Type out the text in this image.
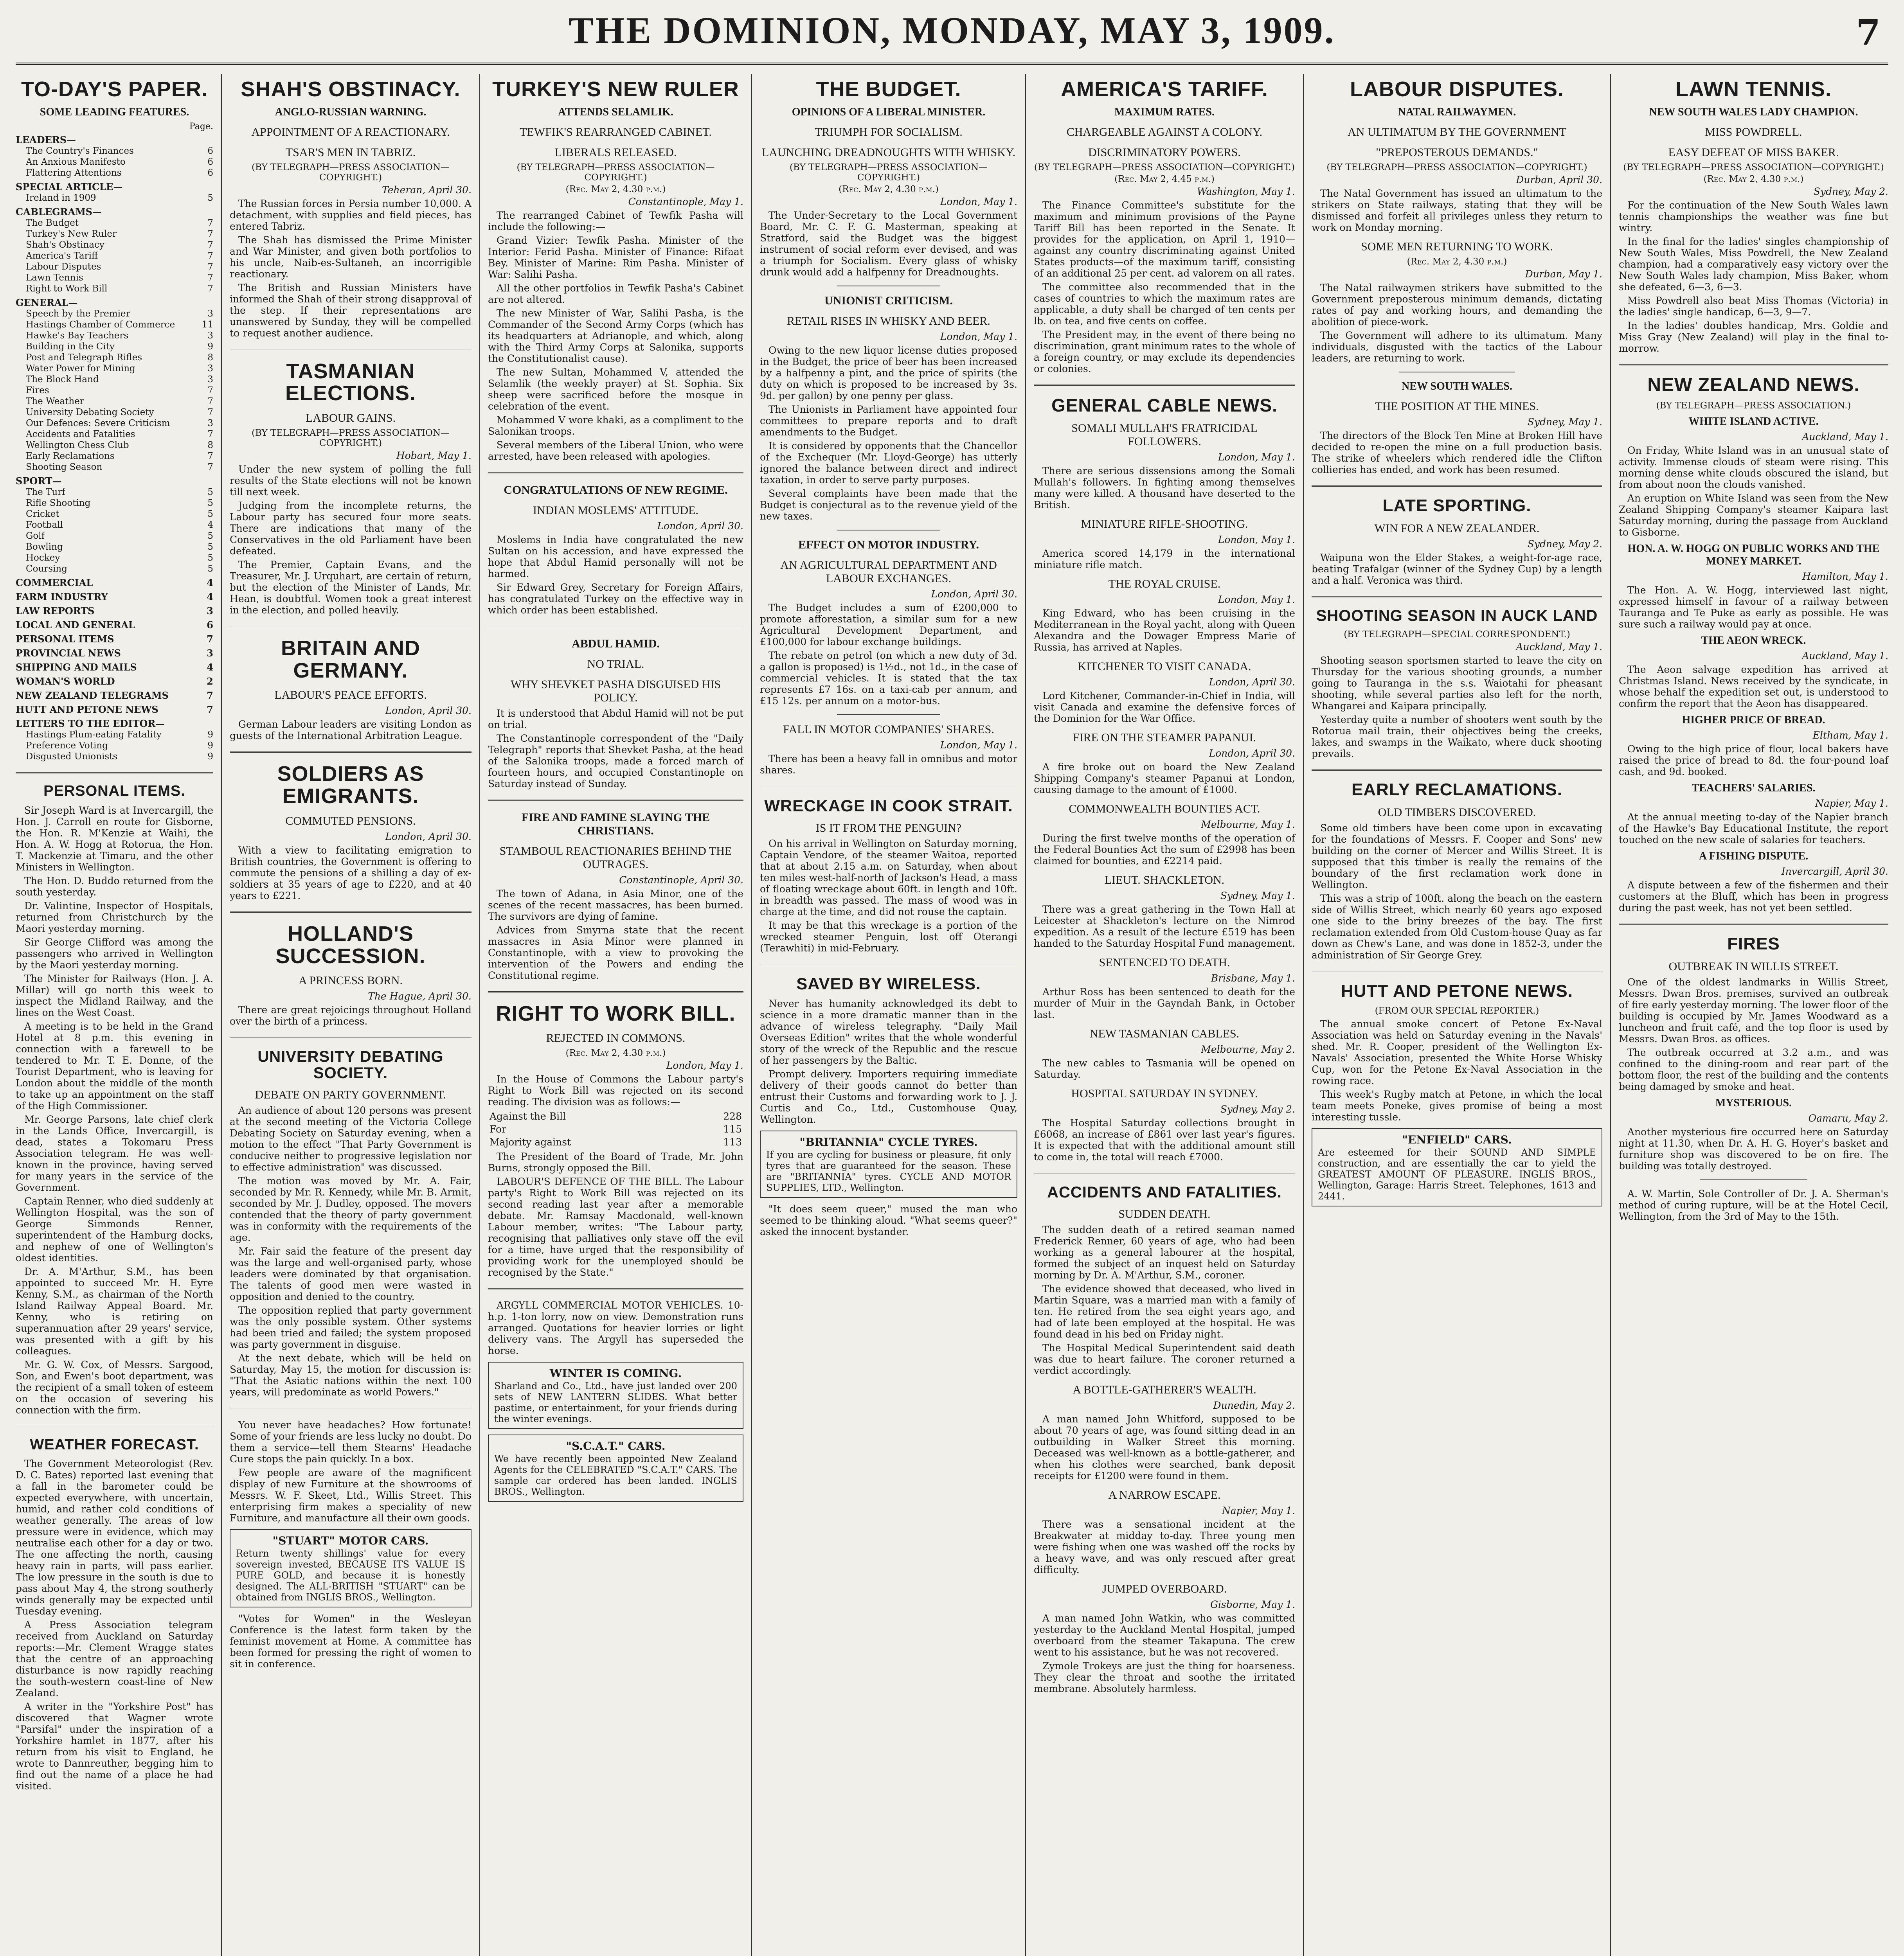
THE DOMINION, MONDAY, MAY 3, 1909.	7
TO-DAY'S PAPER.
SOME LEADING FEATURES.
Page.
LEADERS—
The Country's Finances	6
An Anxious Manifesto	6
Flattering Attentions	6
SPECIAL ARTICLE—
Ireland in 1909	5
CABLEGRAMS—
The Budget	7
Turkey's New Ruler	7
Shah's Obstinacy	7
America's Tariff	7
Labour Disputes	7
Lawn Tennis	7
Right to Work Bill	7
GENERAL—
Speech by the Premier	3
Hastings Chamber of Commerce	11
Hawke's Bay Teachers	3
Building in the City	9
Post and Telegraph Rifles	8
Water Power for Mining	3
The Block Hand	3
Fires	7
The Weather	7
University Debating Society	7
Our Defences: Severe Criticism	3
Accidents and Fatalities	7
Wellington Chess Club	8
Early Reclamations	7
Shooting Season	7
SPORT—
The Turf	5
Rifle Shooting	5
Cricket	5
Football	4
Golf	5
Bowling	5
Hockey	5
Coursing	5
COMMERCIAL	4
FARM INDUSTRY	4
LAW REPORTS	3
LOCAL AND GENERAL	6
PERSONAL ITEMS	7
PROVINCIAL NEWS	3
SHIPPING AND MAILS	4
WOMAN'S WORLD	2
NEW ZEALAND TELEGRAMS	7
HUTT AND PETONE NEWS	7
LETTERS TO THE EDITOR—
Hastings Plum-eating Fatality	9
Preference Voting	9
Disgusted Unionists	9
PERSONAL ITEMS.

Sir Joseph Ward is at Invercargill, the Hon. J. Carroll en route for Gisborne, the Hon. R. M'Kenzie at Waihi, the Hon. A. W. Hogg at Rotorua, the Hon. T. Mackenzie at Timaru, and the other Ministers in Wellington.

The Hon. D. Buddo returned from the south yesterday.

Dr. Valintine, Inspector of Hospitals, returned from Christchurch by the Maori yesterday morning.

Sir George Clifford was among the passengers who arrived in Wellington by the Maori yesterday morning.

The Minister for Railways (Hon. J. A. Millar) will go north this week to inspect the Midland Railway, and the lines on the West Coast.

A meeting is to be held in the Grand Hotel at 8 p.m. this evening in connection with a farewell to be tendered to Mr. T. E. Donne, of the Tourist Department, who is leaving for London about the middle of the month to take up an appointment on the staff of the High Commissioner.

Mr. George Parsons, late chief clerk in the Lands Office, Invercargill, is dead, states a Tokomaru Press Association telegram. He was well-known in the province, having served for many years in the service of the Government.

Captain Renner, who died suddenly at Wellington Hospital, was the son of George Simmonds Renner, superintendent of the Hamburg docks, and nephew of one of Wellington's oldest identities.

Dr. A. M'Arthur, S.M., has been appointed to succeed Mr. H. Eyre Kenny, S.M., as chairman of the North Island Railway Appeal Board. Mr. Kenny, who is retiring on superannuation after 29 years' service, was presented with a gift by his colleagues.

Mr. G. W. Cox, of Messrs. Sargood, Son, and Ewen's boot department, was the recipient of a small token of esteem on the occasion of severing his connection with the firm.

WEATHER FORECAST.

The Government Meteorologist (Rev. D. C. Bates) reported last evening that a fall in the barometer could be expected everywhere, with uncertain, humid, and rather cold conditions of weather generally. The areas of low pressure were in evidence, which may neutralise each other for a day or two. The one affecting the north, causing heavy rain in parts, will pass earlier. The low pressure in the south is due to pass about May 4, the strong southerly winds generally may be expected until Tuesday evening.

A Press Association telegram received from Auckland on Saturday reports:—Mr. Clement Wragge states that the centre of an approaching disturbance is now rapidly reaching the south-western coast-line of New Zealand.

A writer in the "Yorkshire Post" has discovered that Wagner wrote "Parsifal" under the inspiration of a Yorkshire hamlet in 1877, after his return from his visit to England, he wrote to Dannreuther, begging him to find out the name of a place he had visited.

SHAH'S OBSTINACY.
ANGLO-RUSSIAN WARNING.
APPOINTMENT OF A REACTIONARY.
TSAR'S MEN IN TABRIZ.
(BY TELEGRAPH—PRESS ASSOCIATION—COPYRIGHT.)
Teheran, April 30.

The Russian forces in Persia number 10,000. A detachment, with supplies and field pieces, has entered Tabriz.

The Shah has dismissed the Prime Minister and War Minister, and given both portfolios to his uncle, Naib-es-Sultaneh, an incorrigible reactionary.

The British and Russian Ministers have informed the Shah of their strong disapproval of the step. If their representations are unanswered by Sunday, they will be compelled to request another audience.

TASMANIAN ELECTIONS.
LABOUR GAINS.
(BY TELEGRAPH—PRESS ASSOCIATION—COPYRIGHT.)
Hobart, May 1.

Under the new system of polling the full results of the State elections will not be known till next week.

Judging from the incomplete returns, the Labour party has secured four more seats. There are indications that many of the Conservatives in the old Parliament have been defeated.

The Premier, Captain Evans, and the Treasurer, Mr. J. Urquhart, are certain of return, but the election of the Minister of Lands, Mr. Hean, is doubtful. Women took a great interest in the election, and polled heavily.

BRITAIN AND GERMANY.
LABOUR'S PEACE EFFORTS.
London, April 30.

German Labour leaders are visiting London as guests of the International Arbitration League.

SOLDIERS AS EMIGRANTS.
COMMUTED PENSIONS.
London, April 30.

With a view to facilitating emigration to British countries, the Government is offering to commute the pensions of a shilling a day of ex-soldiers at 35 years of age to £220, and at 40 years to £221.

HOLLAND'S SUCCESSION.
A PRINCESS BORN.
The Hague, April 30.

There are great rejoicings throughout Holland over the birth of a princess.

UNIVERSITY DEBATING SOCIETY.
DEBATE ON PARTY GOVERNMENT.

An audience of about 120 persons was present at the second meeting of the Victoria College Debating Society on Saturday evening, when a motion to the effect "That Party Government is conducive neither to progressive legislation nor to effective administration" was discussed.

The motion was moved by Mr. A. Fair, seconded by Mr. R. Kennedy, while Mr. B. Armit, seconded by Mr. J. Dudley, opposed. The movers contended that the theory of party government was in conformity with the requirements of the age.

Mr. Fair said the feature of the present day was the large and well-organised party, whose leaders were dominated by that organisation. The talents of good men were wasted in opposition and denied to the country.

The opposition replied that party government was the only possible system. Other systems had been tried and failed; the system proposed was party government in disguise.

At the next debate, which will be held on Saturday, May 15, the motion for discussion is: "That the Asiatic nations within the next 100 years, will predominate as world Powers."

You never have headaches? How fortunate! Some of your friends are less lucky no doubt. Do them a service—tell them Stearns' Headache Cure stops the pain quickly. In a box.
Few people are aware of the magnificent display of new Furniture at the showrooms of Messrs. W. F. Skeet, Ltd., Willis Street. This enterprising firm makes a speciality of new Furniture, and manufacture all their own goods.
"STUART" MOTOR CARS.
Return twenty shillings' value for every sovereign invested, BECAUSE ITS VALUE IS PURE GOLD, and because it is honestly designed. The ALL-BRITISH "STUART" can be obtained from INGLIS BROS., Wellington.
"Votes for Women" in the Wesleyan Conference is the latest form taken by the feminist movement at Home. A committee has been formed for pressing the right of women to sit in conference.
TURKEY'S NEW RULER
ATTENDS SELAMLIK.
TEWFIK'S REARRANGED CABINET.
LIBERALS RELEASED.
(BY TELEGRAPH—PRESS ASSOCIATION—COPYRIGHT.)
(Rec. May 2, 4.30 p.m.)
Constantinople, May 1.

The rearranged Cabinet of Tewfik Pasha will include the following:—

Grand Vizier: Tewfik Pasha. Minister of the Interior: Ferid Pasha. Minister of Finance: Rifaat Bey. Minister of Marine: Rim Pasha. Minister of War: Salihi Pasha.

All the other portfolios in Tewfik Pasha's Cabinet are not altered.

The new Minister of War, Salihi Pasha, is the Commander of the Second Army Corps (which has its headquarters at Adrianople, and which, along with the Third Army Corps at Salonika, supports the Constitutionalist cause).

The new Sultan, Mohammed V, attended the Selamlik (the weekly prayer) at St. Sophia. Six sheep were sacrificed before the mosque in celebration of the event.

Mohammed V wore khaki, as a compliment to the Salonikan troops.

Several members of the Liberal Union, who were arrested, have been released with apologies.

CONGRATULATIONS OF NEW REGIME.
INDIAN MOSLEMS' ATTITUDE.
London, April 30.

Moslems in India have congratulated the new Sultan on his accession, and have expressed the hope that Abdul Hamid personally will not be harmed.

Sir Edward Grey, Secretary for Foreign Affairs, has congratulated Turkey on the effective way in which order has been established.

ABDUL HAMID.
NO TRIAL.
WHY SHEVKET PASHA DISGUISED HIS POLICY.

It is understood that Abdul Hamid will not be put on trial.

The Constantinople correspondent of the "Daily Telegraph" reports that Shevket Pasha, at the head of the Salonika troops, made a forced march of fourteen hours, and occupied Constantinople on Saturday instead of Sunday.

FIRE AND FAMINE SLAYING THE CHRISTIANS.
STAMBOUL REACTIONARIES BEHIND THE OUTRAGES.
Constantinople, April 30.

The town of Adana, in Asia Minor, one of the scenes of the recent massacres, has been burned. The survivors are dying of famine.

Advices from Smyrna state that the recent massacres in Asia Minor were planned in Constantinople, with a view to provoking the intervention of the Powers and ending the Constitutional regime.

RIGHT TO WORK BILL.
REJECTED IN COMMONS.
(Rec. May 2, 4.30 p.m.)
London, May 1.

In the House of Commons the Labour party's Right to Work Bill was rejected on its second reading. The division was as follows:—

Against the Bill	228
For	115
Majority against	113

The President of the Board of Trade, Mr. John Burns, strongly opposed the Bill.

LABOUR'S DEFENCE OF THE BILL. The Labour party's Right to Work Bill was rejected on its second reading last year after a memorable debate. Mr. Ramsay Macdonald, well-known Labour member, writes: "The Labour party, recognising that palliatives only stave off the evil for a time, have urged that the responsibility of providing work for the unemployed should be recognised by the State."

ARGYLL COMMERCIAL MOTOR VEHICLES. 10-h.p. 1-ton lorry, now on view. Demonstration runs arranged. Quotations for heavier lorries or light delivery vans. The Argyll has superseded the horse.
WINTER IS COMING.
Sharland and Co., Ltd., have just landed over 200 sets of NEW LANTERN SLIDES. What better pastime, or entertainment, for your friends during the winter evenings.
"S.C.A.T." CARS.
We have recently been appointed New Zealand Agents for the CELEBRATED "S.C.A.T." CARS. The sample car ordered has been landed. INGLIS BROS., Wellington.
THE BUDGET.
OPINIONS OF A LIBERAL MINISTER.
TRIUMPH FOR SOCIALISM.
LAUNCHING DREADNOUGHTS WITH WHISKY.
(BY TELEGRAPH—PRESS ASSOCIATION—COPYRIGHT.)
(Rec. May 2, 4.30 p.m.)
London, May 1.

The Under-Secretary to the Local Government Board, Mr. C. F. G. Masterman, speaking at Stratford, said the Budget was the biggest instrument of social reform ever devised, and was a triumph for Socialism. Every glass of whisky drunk would add a halfpenny for Dreadnoughts.

UNIONIST CRITICISM.
RETAIL RISES IN WHISKY AND BEER.
London, May 1.

Owing to the new liquor license duties proposed in the Budget, the price of beer has been increased by a halfpenny a pint, and the price of spirits (the duty on which is proposed to be increased by 3s. 9d. per gallon) by one penny per glass.

The Unionists in Parliament have appointed four committees to prepare reports and to draft amendments to the Budget.

It is considered by opponents that the Chancellor of the Exchequer (Mr. Lloyd-George) has utterly ignored the balance between direct and indirect taxation, in order to serve party purposes.

Several complaints have been made that the Budget is conjectural as to the revenue yield of the new taxes.

EFFECT ON MOTOR INDUSTRY.
AN AGRICULTURAL DEPARTMENT AND LABOUR EXCHANGES.
London, April 30.

The Budget includes a sum of £200,000 to promote afforestation, a similar sum for a new Agricultural Development Department, and £100,000 for labour exchange buildings.

The rebate on petrol (on which a new duty of 3d. a gallon is proposed) is 1½d., not 1d., in the case of commercial vehicles. It is stated that the tax represents £7 16s. on a taxi-cab per annum, and £15 12s. per annum on a motor-bus.

FALL IN MOTOR COMPANIES' SHARES.
London, May 1.

There has been a heavy fall in omnibus and motor shares.

WRECKAGE IN COOK STRAIT.
IS IT FROM THE PENGUIN?

On his arrival in Wellington on Saturday morning, Captain Vendore, of the steamer Waitoa, reported that at about 2.15 a.m. on Saturday, when about ten miles west-half-north of Jackson's Head, a mass of floating wreckage about 60ft. in length and 10ft. in breadth was passed. The mass of wood was in charge at the time, and did not rouse the captain.

It may be that this wreckage is a portion of the wrecked steamer Penguin, lost off Oterangi (Terawhiti) in mid-February.

SAVED BY WIRELESS.

Never has humanity acknowledged its debt to science in a more dramatic manner than in the advance of wireless telegraphy. "Daily Mail Overseas Edition" writes that the whole wonderful story of the wreck of the Republic and the rescue of her passengers by the Baltic.

Prompt delivery. Importers requiring immediate delivery of their goods cannot do better than entrust their Customs and forwarding work to J. J. Curtis and Co., Ltd., Customhouse Quay, Wellington.

"BRITANNIA" CYCLE TYRES.
If you are cycling for business or pleasure, fit only tyres that are guaranteed for the season. These are "BRITANNIA" tyres. CYCLE AND MOTOR SUPPLIES, LTD., Wellington.
"It does seem queer," mused the man who seemed to be thinking aloud. "What seems queer?" asked the innocent bystander.
AMERICA'S TARIFF.
MAXIMUM RATES.
CHARGEABLE AGAINST A COLONY.
DISCRIMINATORY POWERS.
(BY TELEGRAPH—PRESS ASSOCIATION—COPYRIGHT.)
(Rec. May 2, 4.45 p.m.)
Washington, May 1.

The Finance Committee's substitute for the maximum and minimum provisions of the Payne Tariff Bill has been reported in the Senate. It provides for the application, on April 1, 1910—against any country discriminating against United States products—of the maximum tariff, consisting of an additional 25 per cent. ad valorem on all rates.

The committee also recommended that in the cases of countries to which the maximum rates are applicable, a duty shall be charged of ten cents per lb. on tea, and five cents on coffee.

The President may, in the event of there being no discrimination, grant minimum rates to the whole of a foreign country, or may exclude its dependencies or colonies.

GENERAL CABLE NEWS.
SOMALI MULLAH'S FRATRICIDAL FOLLOWERS.
London, May 1.

There are serious dissensions among the Somali Mullah's followers. In fighting among themselves many were killed. A thousand have deserted to the British.

MINIATURE RIFLE-SHOOTING.
London, May 1.

America scored 14,179 in the international miniature rifle match.

THE ROYAL CRUISE.
London, May 1.

King Edward, who has been cruising in the Mediterranean in the Royal yacht, along with Queen Alexandra and the Dowager Empress Marie of Russia, has arrived at Naples.

KITCHENER TO VISIT CANADA.
London, April 30.

Lord Kitchener, Commander-in-Chief in India, will visit Canada and examine the defensive forces of the Dominion for the War Office.

FIRE ON THE STEAMER PAPANUI.
London, April 30.

A fire broke out on board the New Zealand Shipping Company's steamer Papanui at London, causing damage to the amount of £1000.

COMMONWEALTH BOUNTIES ACT.
Melbourne, May 1.

During the first twelve months of the operation of the Federal Bounties Act the sum of £2998 has been claimed for bounties, and £2214 paid.

LIEUT. SHACKLETON.
Sydney, May 1.

There was a great gathering in the Town Hall at Leicester at Shackleton's lecture on the Nimrod expedition. As a result of the lecture £519 has been handed to the Saturday Hospital Fund management.

SENTENCED TO DEATH.
Brisbane, May 1.

Arthur Ross has been sentenced to death for the murder of Muir in the Gayndah Bank, in October last.

NEW TASMANIAN CABLES.
Melbourne, May 2.

The new cables to Tasmania will be opened on Saturday.

HOSPITAL SATURDAY IN SYDNEY.
Sydney, May 2.

The Hospital Saturday collections brought in £6068, an increase of £861 over last year's figures. It is expected that with the additional amount still to come in, the total will reach £7000.

ACCIDENTS AND FATALITIES.
SUDDEN DEATH.

The sudden death of a retired seaman named Frederick Renner, 60 years of age, who had been working as a general labourer at the hospital, formed the subject of an inquest held on Saturday morning by Dr. A. M'Arthur, S.M., coroner.

The evidence showed that deceased, who lived in Martin Square, was a married man with a family of ten. He retired from the sea eight years ago, and had of late been employed at the hospital. He was found dead in his bed on Friday night.

The Hospital Medical Superintendent said death was due to heart failure. The coroner returned a verdict accordingly.

A BOTTLE-GATHERER'S WEALTH.
Dunedin, May 2.

A man named John Whitford, supposed to be about 70 years of age, was found sitting dead in an outbuilding in Walker Street this morning. Deceased was well-known as a bottle-gatherer, and when his clothes were searched, bank deposit receipts for £1200 were found in them.

A NARROW ESCAPE.
Napier, May 1.

There was a sensational incident at the Breakwater at midday to-day. Three young men were fishing when one was washed off the rocks by a heavy wave, and was only rescued after great difficulty.

JUMPED OVERBOARD.
Gisborne, May 1.

A man named John Watkin, who was committed yesterday to the Auckland Mental Hospital, jumped overboard from the steamer Takapuna. The crew went to his assistance, but he was not recovered.

Zymole Trokeys are just the thing for hoarseness. They clear the throat and soothe the irritated membrane. Absolutely harmless.
LABOUR DISPUTES.
NATAL RAILWAYMEN.
AN ULTIMATUM BY THE GOVERNMENT
"PREPOSTEROUS DEMANDS."
(BY TELEGRAPH—PRESS ASSOCIATION—COPYRIGHT.)
Durban, April 30.

The Natal Government has issued an ultimatum to the strikers on State railways, stating that they will be dismissed and forfeit all privileges unless they return to work on Monday morning.

SOME MEN RETURNING TO WORK.
(Rec. May 2, 4.30 p.m.)
Durban, May 1.

The Natal railwaymen strikers have submitted to the Government preposterous minimum demands, dictating rates of pay and working hours, and demanding the abolition of piece-work.

The Government will adhere to its ultimatum. Many individuals, disgusted with the tactics of the Labour leaders, are returning to work.

NEW SOUTH WALES.
THE POSITION AT THE MINES.
Sydney, May 1.

The directors of the Block Ten Mine at Broken Hill have decided to re-open the mine on a full production basis. The strike of wheelers which rendered idle the Clifton collieries has ended, and work has been resumed.

LATE SPORTING.
WIN FOR A NEW ZEALANDER.
Sydney, May 2.

Waipuna won the Elder Stakes, a weight-for-age race, beating Trafalgar (winner of the Sydney Cup) by a length and a half. Veronica was third.

SHOOTING SEASON IN AUCK LAND
(BY TELEGRAPH—SPECIAL CORRESPONDENT.)
Auckland, May 1.

Shooting season sportsmen started to leave the city on Thursday for the various shooting grounds, a number going to Tauranga in the s.s. Waiotahi for pheasant shooting, while several parties also left for the north, Whangarei and Kaipara principally.

Yesterday quite a number of shooters went south by the Rotorua mail train, their objectives being the creeks, lakes, and swamps in the Waikato, where duck shooting prevails.

EARLY RECLAMATIONS.
OLD TIMBERS DISCOVERED.

Some old timbers have been come upon in excavating for the foundations of Messrs. F. Cooper and Sons' new building on the corner of Mercer and Willis Street. It is supposed that this timber is really the remains of the boundary of the first reclamation work done in Wellington.

This was a strip of 100ft. along the beach on the eastern side of Willis Street, which nearly 60 years ago exposed one side to the briny breezes of the bay. The first reclamation extended from Old Custom-house Quay as far down as Chew's Lane, and was done in 1852-3, under the administration of Sir George Grey.

HUTT AND PETONE NEWS.
(FROM OUR SPECIAL REPORTER.)

The annual smoke concert of Petone Ex-Naval Association was held on Saturday evening in the Navals' shed. Mr. R. Cooper, president of the Wellington Ex-Navals' Association, presented the White Horse Whisky Cup, won for the Petone Ex-Naval Association in the rowing race.

This week's Rugby match at Petone, in which the local team meets Poneke, gives promise of being a most interesting tussle.

"ENFIELD" CARS.
Are esteemed for their SOUND AND SIMPLE construction, and are essentially the car to yield the GREATEST AMOUNT OF PLEASURE. INGLIS BROS., Wellington, Garage: Harris Street. Telephones, 1613 and 2441.
LAWN TENNIS.
NEW SOUTH WALES LADY CHAMPION.
MISS POWDRELL.
EASY DEFEAT OF MISS BAKER.
(BY TELEGRAPH—PRESS ASSOCIATION—COPYRIGHT.)
(Rec. May 2, 4.30 p.m.)
Sydney, May 2.

For the continuation of the New South Wales lawn tennis championships the weather was fine but wintry.

In the final for the ladies' singles championship of New South Wales, Miss Powdrell, the New Zealand champion, had a comparatively easy victory over the New South Wales lady champion, Miss Baker, whom she defeated, 6—3, 6—3.

Miss Powdrell also beat Miss Thomas (Victoria) in the ladies' single handicap, 6—3, 9—7.

In the ladies' doubles handicap, Mrs. Goldie and Miss Gray (New Zealand) will play in the final to-morrow.

NEW ZEALAND NEWS.
(BY TELEGRAPH—PRESS ASSOCIATION.)
WHITE ISLAND ACTIVE.
Auckland, May 1.

On Friday, White Island was in an unusual state of activity. Immense clouds of steam were rising. This morning dense white clouds obscured the island, but from about noon the clouds vanished.

An eruption on White Island was seen from the New Zealand Shipping Company's steamer Kaipara last Saturday morning, during the passage from Auckland to Gisborne.

HON. A. W. HOGG ON PUBLIC WORKS AND THE MONEY MARKET.
Hamilton, May 1.

The Hon. A. W. Hogg, interviewed last night, expressed himself in favour of a railway between Tauranga and Te Puke as early as possible. He was sure such a railway would pay at once.

THE AEON WRECK.
Auckland, May 1.

The Aeon salvage expedition has arrived at Christmas Island. News received by the syndicate, in whose behalf the expedition set out, is understood to confirm the report that the Aeon has disappeared.

HIGHER PRICE OF BREAD.
Eltham, May 1.

Owing to the high price of flour, local bakers have raised the price of bread to 8d. the four-pound loaf cash, and 9d. booked.

TEACHERS' SALARIES.
Napier, May 1.

At the annual meeting to-day of the Napier branch of the Hawke's Bay Educational Institute, the report touched on the new scale of salaries for teachers.

A FISHING DISPUTE.
Invercargill, April 30.

A dispute between a few of the fishermen and their customers at the Bluff, which has been in progress during the past week, has not yet been settled.

FIRES
OUTBREAK IN WILLIS STREET.

One of the oldest landmarks in Willis Street, Messrs. Dwan Bros. premises, survived an outbreak of fire early yesterday morning. The lower floor of the building is occupied by Mr. James Woodward as a luncheon and fruit café, and the top floor is used by Messrs. Dwan Bros. as offices.

The outbreak occurred at 3.2 a.m., and was confined to the dining-room and rear part of the bottom floor, the rest of the building and the contents being damaged by smoke and heat.

MYSTERIOUS.
Oamaru, May 2.

Another mysterious fire occurred here on Saturday night at 11.30, when Dr. A. H. G. Hoyer's basket and furniture shop was discovered to be on fire. The building was totally destroyed.

A. W. Martin, Sole Controller of Dr. J. A. Sherman's method of curing rupture, will be at the Hotel Cecil, Wellington, from the 3rd of May to the 15th.
